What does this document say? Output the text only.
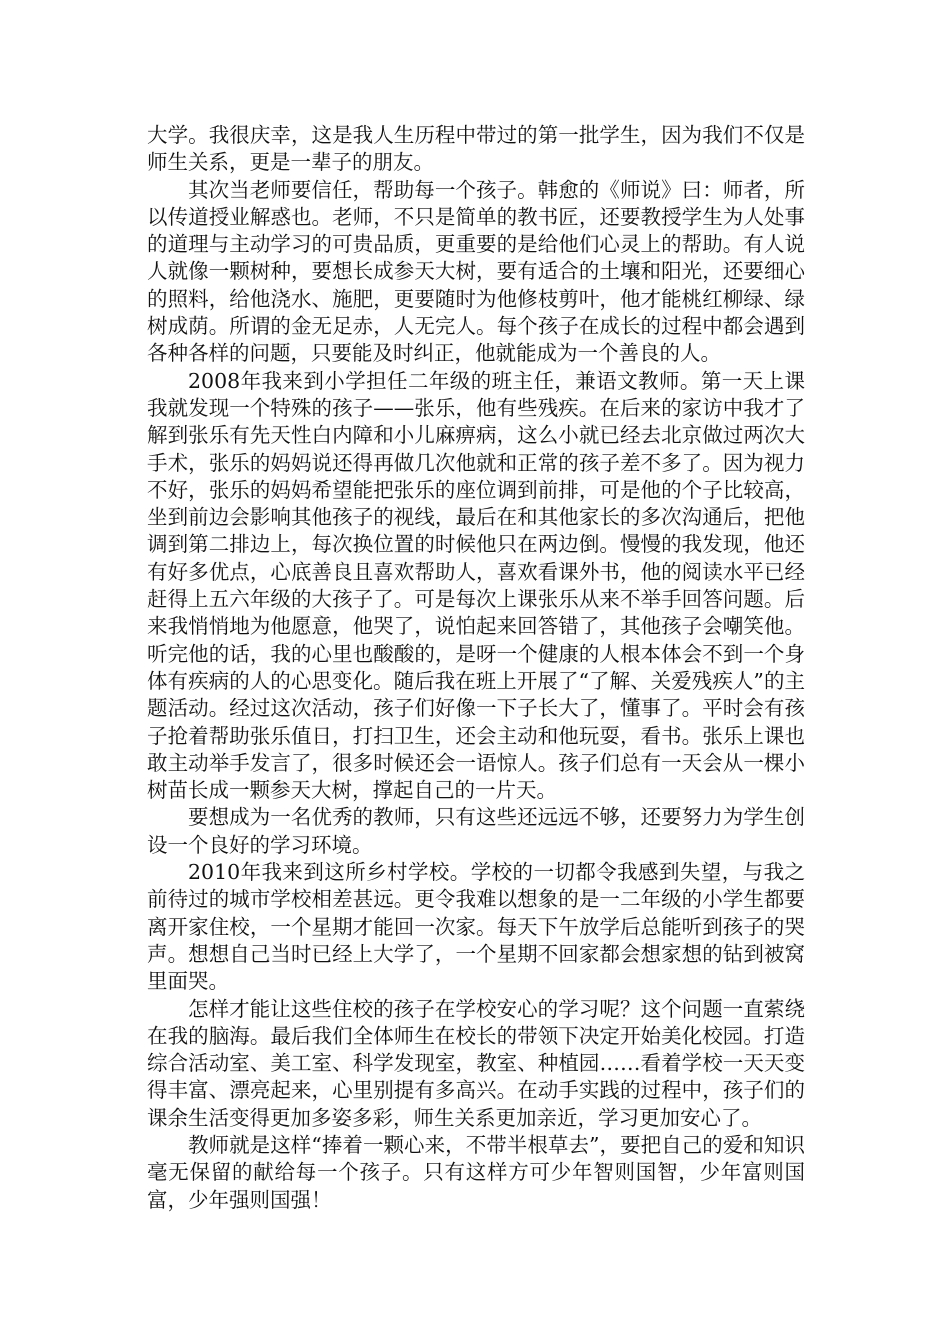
大学。我很庆幸，这是我人生历程中带过的第一批学生，因为我们不仅是师生关系，更是一辈子的朋友。

其次当老师要信任，帮助每一个孩子。韩愈的《师说》曰：师者，所以传道授业解惑也。老师，不只是简单的教书匠，还要教授学生为人处事的道理与主动学习的可贵品质，更重要的是给他们心灵上的帮助。有人说人就像一颗树种，要想长成参天大树，要有适合的土壤和阳光，还要细心的照料，给他浇水、施肥，更要随时为他修枝剪叶，他才能桃红柳绿、绿树成荫。所谓的金无足赤，人无完人。每个孩子在成长的过程中都会遇到各种各样的问题，只要能及时纠正，他就能成为一个善良的人。

2008年我来到小学担任二年级的班主任，兼语文教师。第一天上课我就发现一个特殊的孩子——张乐，他有些残疾。在后来的家访中我才了解到张乐有先天性白内障和小儿麻痹病，这么小就已经去北京做过两次大手术，张乐的妈妈说还得再做几次他就和正常的孩子差不多了。因为视力不好，张乐的妈妈希望能把张乐的座位调到前排，可是他的个子比较高，坐到前边会影响其他孩子的视线，最后在和其他家长的多次沟通后，把他调到第二排边上，每次换位置的时候他只在两边倒。慢慢的我发现，他还有好多优点，心底善良且喜欢帮助人，喜欢看课外书，他的阅读水平已经赶得上五六年级的大孩子了。可是每次上课张乐从来不举手回答问题。后来我悄悄地为他愿意，他哭了，说怕起来回答错了，其他孩子会嘲笑他。听完他的话，我的心里也酸酸的，是呀一个健康的人根本体会不到一个身体有疾病的人的心思变化。随后我在班上开展了“了解、关爱残疾人”的主题活动。经过这次活动，孩子们好像一下子长大了，懂事了。平时会有孩子抢着帮助张乐值日，打扫卫生，还会主动和他玩耍，看书。张乐上课也敢主动举手发言了，很多时候还会一语惊人。孩子们总有一天会从一棵小树苗长成一颗参天大树，撑起自己的一片天。

要想成为一名优秀的教师，只有这些还远远不够，还要努力为学生创设一个良好的学习环境。

2010年我来到这所乡村学校。学校的一切都令我感到失望，与我之前待过的城市学校相差甚远。更令我难以想象的是一二年级的小学生都要离开家住校，一个星期才能回一次家。每天下午放学后总能听到孩子的哭声。想想自己当时已经上大学了，一个星期不回家都会想家想的钻到被窝里面哭。

怎样才能让这些住校的孩子在学校安心的学习呢？这个问题一直萦绕在我的脑海。最后我们全体师生在校长的带领下决定开始美化校园。打造综合活动室、美工室、科学发现室，教室、种植园……看着学校一天天变得丰富、漂亮起来，心里别提有多高兴。在动手实践的过程中，孩子们的课余生活变得更加多姿多彩，师生关系更加亲近，学习更加安心了。

教师就是这样“捧着一颗心来，不带半根草去”，要把自己的爱和知识毫无保留的献给每一个孩子。只有这样方可少年智则国智，少年富则国富，少年强则国强！
